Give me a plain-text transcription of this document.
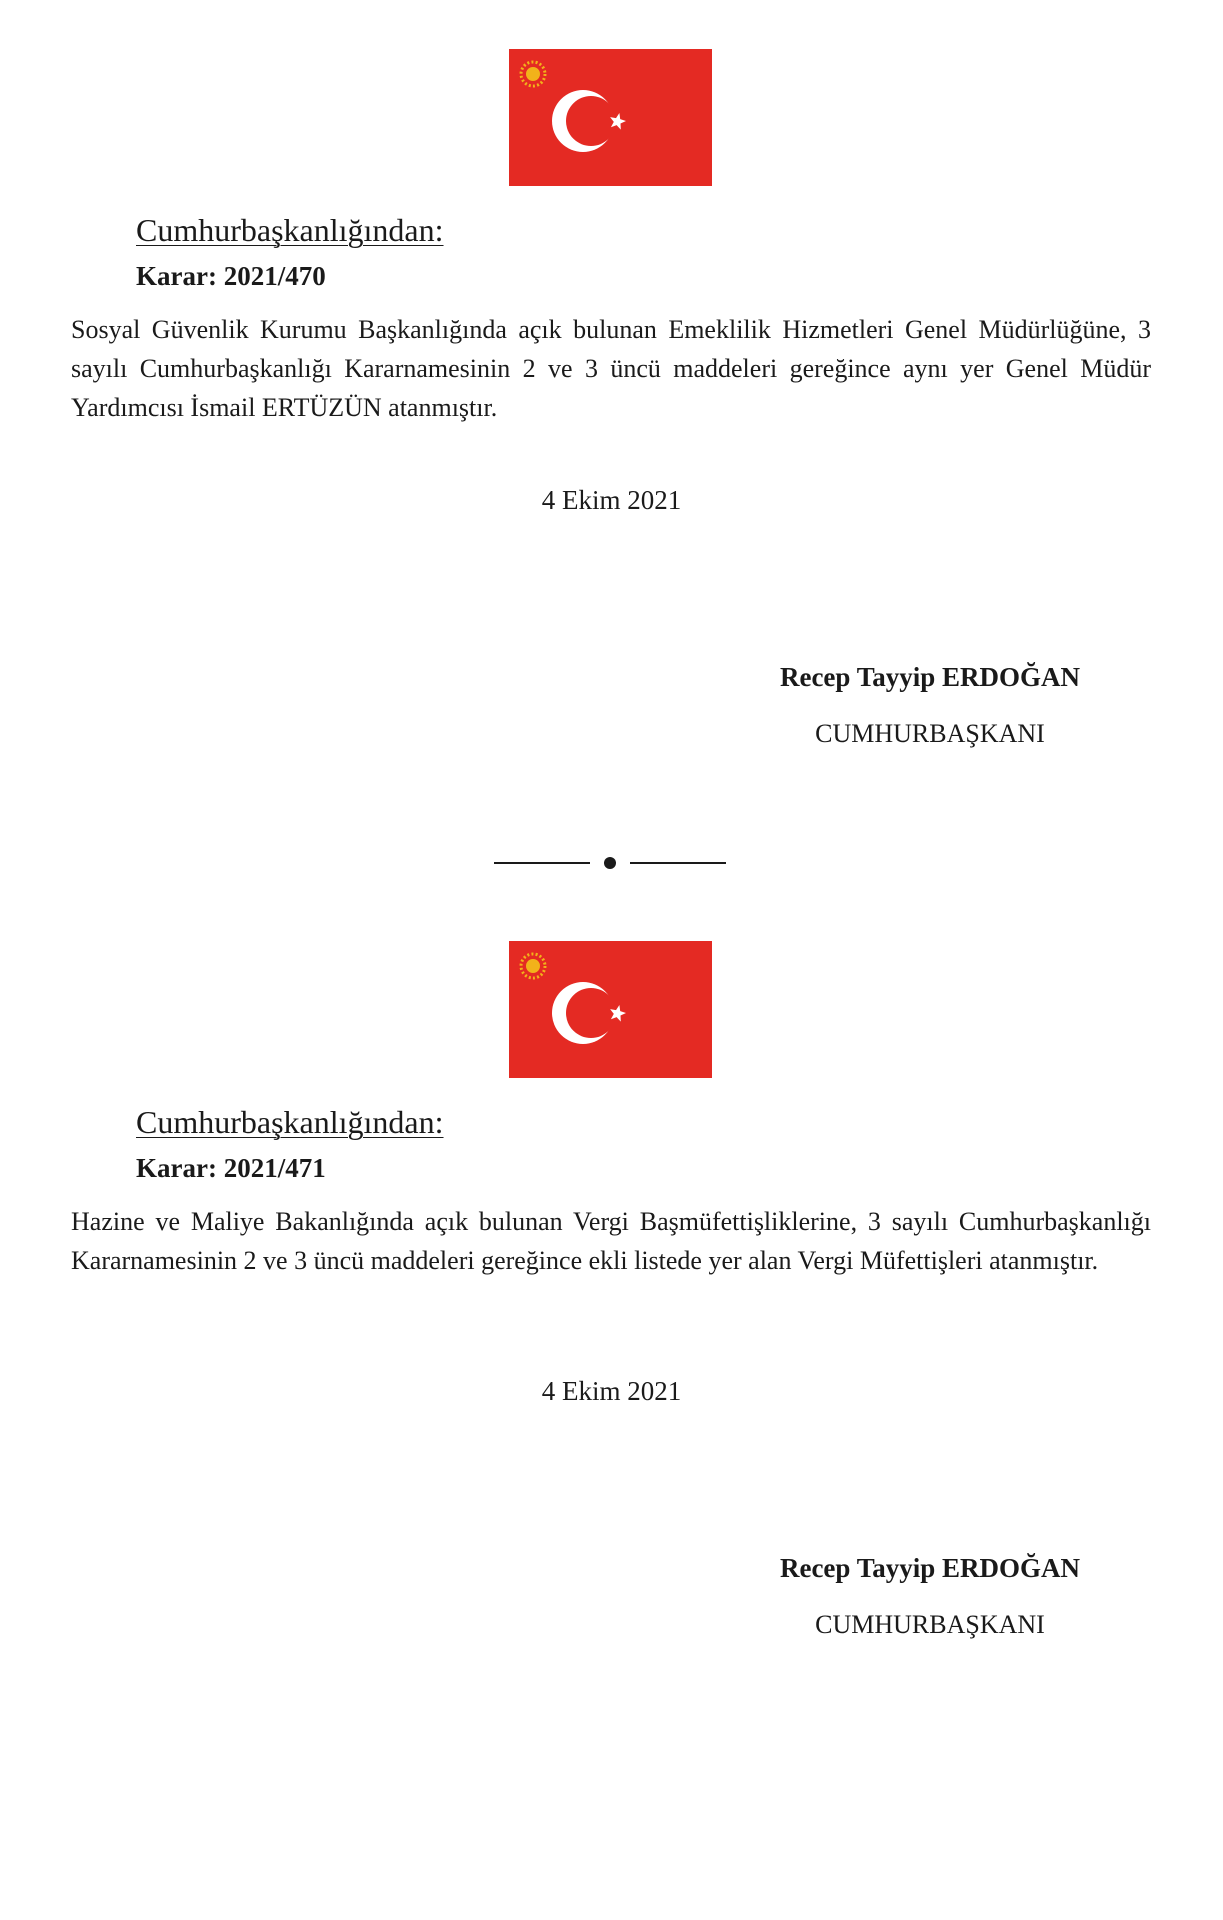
Cumhurbaşkanlığından:
Karar: 2021/470

Sosyal Güvenlik Kurumu Başkanlığında açık bulunan Emeklilik Hizmetleri Genel Müdürlüğüne, 3 sayılı Cumhurbaşkanlığı Kararnamesinin 2 ve 3 üncü maddeleri gereğince aynı yer Genel Müdür Yardımcısı İsmail ERTÜZÜN atanmıştır.

4 Ekim 2021
Recep Tayyip ERDOĞAN
CUMHURBAŞKANI
Cumhurbaşkanlığından:
Karar: 2021/471

Hazine ve Maliye Bakanlığında açık bulunan Vergi Başmüfettişliklerine, 3 sayılı Cumhurbaşkanlığı Kararnamesinin 2 ve 3 üncü maddeleri gereğince ekli listede yer alan Vergi Müfettişleri atanmıştır.

4 Ekim 2021
Recep Tayyip ERDOĞAN
CUMHURBAŞKANI
